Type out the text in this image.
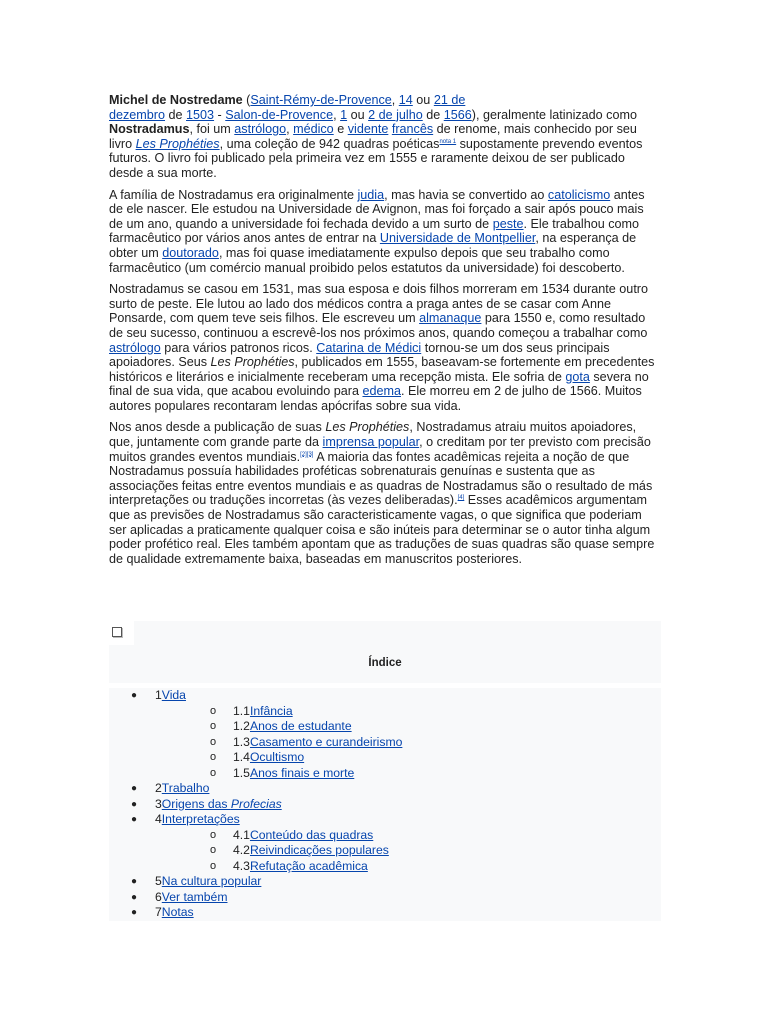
Michel de Nostredame (Saint-Rémy-de-Provence, 14 ou 21 de
dezembro de 1503 - Salon-de-Provence, 1 ou 2 de julho de 1566), geralmente latinizado como Nostradamus, foi um astrólogo, médico e vidente francês de renome, mais conhecido por seu livro Les Prophéties, uma coleção de 942 quadras poéticas$^{nota 1}$ supostamente prevendo eventos futuros. O livro foi publicado pela primeira vez em 1555 e raramente deixou de ser publicado desde a sua morte.

A família de Nostradamus era originalmente judia, mas havia se convertido ao catolicismo antes de ele nascer. Ele estudou na Universidade de Avignon, mas foi forçado a sair após pouco mais de um ano, quando a universidade foi fechada devido a um surto de peste. Ele trabalhou como farmacêutico por vários anos antes de entrar na Universidade de Montpellier, na esperança de obter um doutorado, mas foi quase imediatamente expulso depois que seu trabalho como farmacêutico (um comércio manual proibido pelos estatutos da universidade) foi descoberto.

Nostradamus se casou em 1531, mas sua esposa e dois filhos morreram em 1534 durante outro surto de peste. Ele lutou ao lado dos médicos contra a praga antes de se casar com Anne Ponsarde, com quem teve seis filhos. Ele escreveu um almanaque para 1550 e, como resultado de seu sucesso, continuou a escrevê-los nos próximos anos, quando começou a trabalhar como astrólogo para vários patronos ricos. Catarina de Médici tornou-se um dos seus principais apoiadores. Seus Les Prophéties, publicados em 1555, baseavam-se fortemente em precedentes históricos e literários e inicialmente receberam uma recepção mista. Ele sofria de gota severa no final de sua vida, que acabou evoluindo para edema. Ele morreu em 2 de julho de 1566. Muitos autores populares recontaram lendas apócrifas sobre sua vida.

Nos anos desde a publicação de suas Les Prophéties, Nostradamus atraiu muitos apoiadores, que, juntamente com grande parte da imprensa popular, o creditam por ter previsto com precisão muitos grandes eventos mundiais.[2][3] A maioria das fontes acadêmicas rejeita a noção de que Nostradamus possuía habilidades proféticas sobrenaturais genuínas e sustenta que as associações feitas entre eventos mundiais e as quadras de Nostradamus são o resultado de más interpretações ou traduções incorretas (às vezes deliberadas).[4] Esses acadêmicos argumentam que as previsões de Nostradamus são caracteristicamente vagas, o que significa que poderiam ser aplicadas a praticamente qualquer coisa e são inúteis para determinar se o autor tinha algum poder profético real. Eles também apontam que as traduções de suas quadras são quase sempre de qualidade extremamente baixa, baseadas em manuscritos posteriores.

Índice
● 1Vida
o 1.1Infância
o 1.2Anos de estudante
o 1.3Casamento e curandeirismo
o 1.4Ocultismo
o 1.5Anos finais e morte
● 2Trabalho
● 3Origens das Profecias
● 4Interpretações
o 4.1Conteúdo das quadras
o 4.2Reivindicações populares
o 4.3Refutação acadêmica
● 5Na cultura popular
● 6Ver também
● 7Notas
